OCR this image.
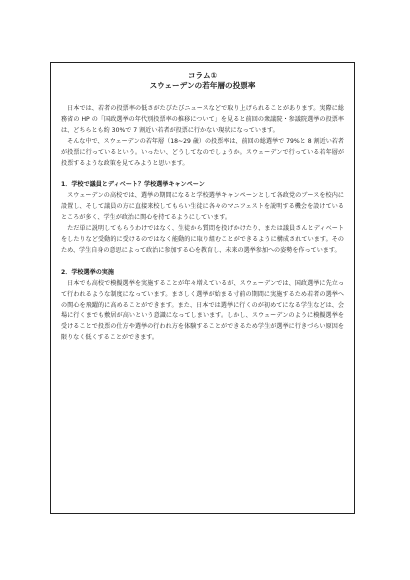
コラム①
スウェーデンの若年層の投票率

日本では、若者の投票率の低さがたびたびニュースなどで取り上げられることがあります。実際に総務省の HP の「国政選挙の年代別投票率の推移について」を見ると前回の衆議院・参議院選挙の投票率は、どちらとも約 30%で 7 割近い若者が投票に行かない現状になっています。

そんな中で、スウェーデンの若年層（18~29 歳）の投票率は、前回の総選挙で 79%と 8 割近い若者が投票に行っているという。いったい、どうしてなのでしょうか。スウェーデンで行っている若年層が投票するような政策を見てみようと思います。

1．学校で議員とディベート？学校選挙キャンペーン

スウェーデンの高校では、選挙の期間になると学校選挙キャンペーンとして各政党のブースを校内に設置し、そして議員の方に直接来校してもらい生徒に各々のマニフェストを説明する機会を設けているところが多く、学生が政治に関心を持てるようにしています。

ただ単に説明してもらうわけではなく、生徒から質問を投げかけたり、または議員さんとディベートをしたりなど受動的に受けるのではなく能動的に取り組むことができるように構成されています。そのため、学生自身の意思によって政治に参加する心を教育し、未来の選挙参加への姿勢を作っています。

2．学校選挙の実施

日本でも高校で模擬選挙を実施することが年々増えているが、スウェーデンでは、国政選挙に先立って行われるような制度になっています。まさしく選挙が始まる寸前の期間に実施するため若者の選挙への関心を飛躍的に高めることができます。また、日本では選挙に行くのが初めてになる学生などは、会場に行くまでも敷居が高いという意識になってしまいます。しかし、スウェーデンのように模擬選挙を受けることで投票の仕方や選挙の行われ方を体験することができるため学生が選挙に行きづらい原因を限りなく低くすることができます。
